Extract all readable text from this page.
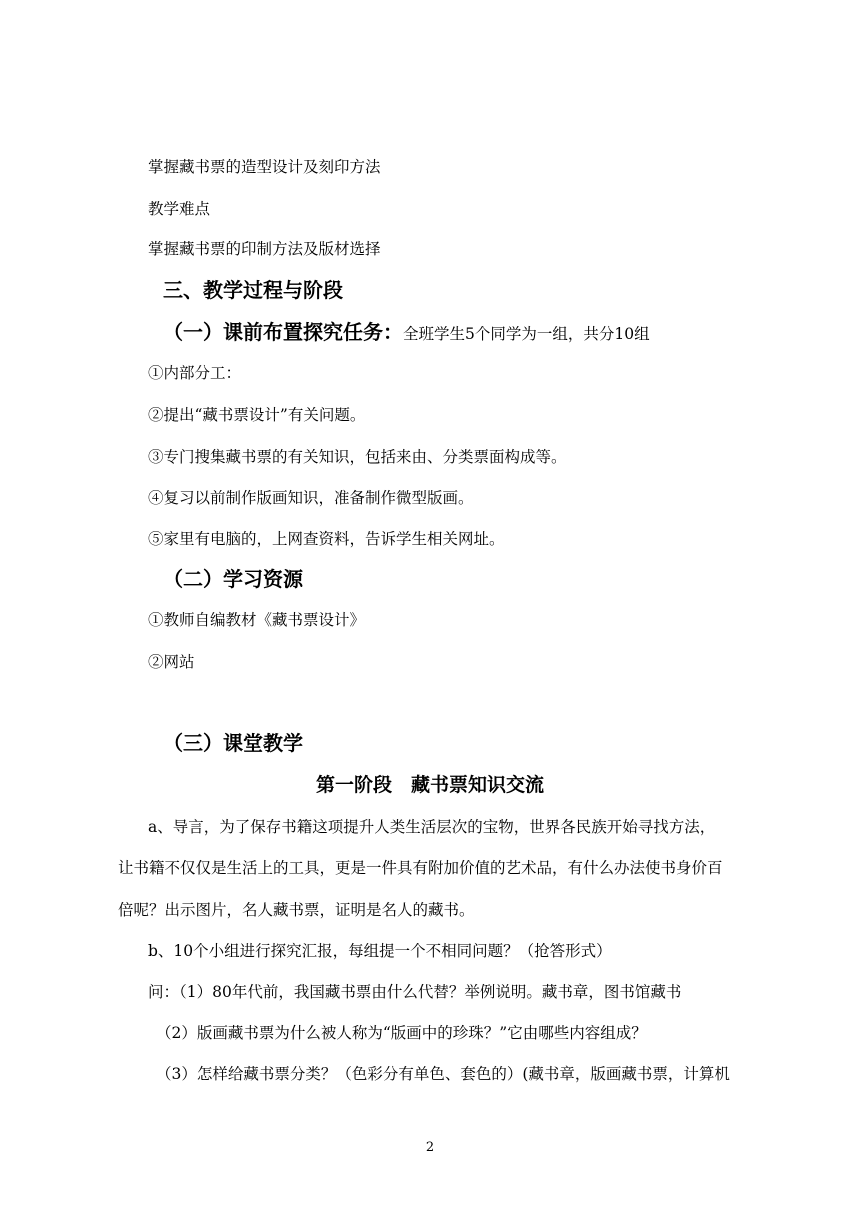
掌握藏书票的造型设计及刻印方法
教学难点
掌握藏书票的印制方法及版材选择
三、教学过程与阶段
（一）课前布置探究任务：全班学生5个同学为一组，共分10组
①内部分工：
②提出“藏书票设计”有关问题。
③专门搜集藏书票的有关知识，包括来由、分类票面构成等。
④复习以前制作版画知识，准备制作微型版画。
⑤家里有电脑的，上网查资料，告诉学生相关网址。
（二）学习资源
①教师自编教材《藏书票设计》
②网站
（三）课堂教学
第一阶段　藏书票知识交流
a、导言，为了保存书籍这项提升人类生活层次的宝物，世界各民族开始寻找方法，
让书籍不仅仅是生活上的工具，更是一件具有附加价值的艺术品，有什么办法使书身价百
倍呢？出示图片，名人藏书票，证明是名人的藏书。
b、10个小组进行探究汇报，每组提一个不相同问题？（抢答形式）
问：（1）80年代前，我国藏书票由什么代替？举例说明。藏书章，图书馆藏书
（2）版画藏书票为什么被人称为“版画中的珍珠？”它由哪些内容组成？
（3）怎样给藏书票分类？（色彩分有单色、套色的）(藏书章，版画藏书票，计算机
2
